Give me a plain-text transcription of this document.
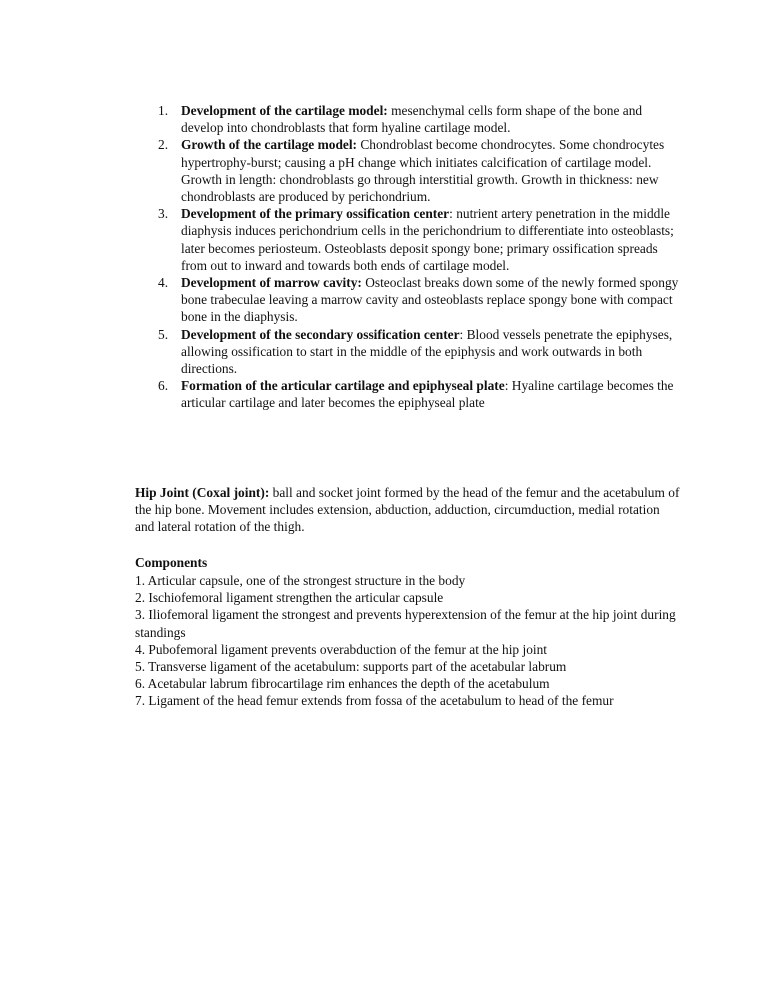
1. Development of the cartilage model: mesenchymal cells form shape of the bone and develop into chondroblasts that form hyaline cartilage model.
2. Growth of the cartilage model: Chondroblast become chondrocytes. Some chondrocytes hypertrophy-burst; causing a pH change which initiates calcification of cartilage model. Growth in length: chondroblasts go through interstitial growth. Growth in thickness: new chondroblasts are produced by perichondrium.
3. Development of the primary ossification center: nutrient artery penetration in the middle diaphysis induces perichondrium cells in the perichondrium to differentiate into osteoblasts; later becomes periosteum. Osteoblasts deposit spongy bone; primary ossification spreads from out to inward and towards both ends of cartilage model.
4. Development of marrow cavity: Osteoclast breaks down some of the newly formed spongy bone trabeculae leaving a marrow cavity and osteoblasts replace spongy bone with compact bone in the diaphysis.
5. Development of the secondary ossification center: Blood vessels penetrate the epiphyses, allowing ossification to start in the middle of the epiphysis and work outwards in both directions.
6. Formation of the articular cartilage and epiphyseal plate: Hyaline cartilage becomes the articular cartilage and later becomes the epiphyseal plate

Hip Joint (Coxal joint): ball and socket joint formed by the head of the femur and the acetabulum of the hip bone. Movement includes extension, abduction, adduction, circumduction, medial rotation and lateral rotation of the thigh.

Components

1. Articular capsule, one of the strongest structure in the body
2. Ischiofemoral ligament strengthen the articular capsule
3. Iliofemoral ligament the strongest and prevents hyperextension of the femur at the hip joint during standings
4. Pubofemoral ligament prevents overabduction of the femur at the hip joint
5. Transverse ligament of the acetabulum: supports part of the acetabular labrum
6. Acetabular labrum fibrocartilage rim enhances the depth of the acetabulum
7. Ligament of the head femur extends from fossa of the acetabulum to head of the femur
